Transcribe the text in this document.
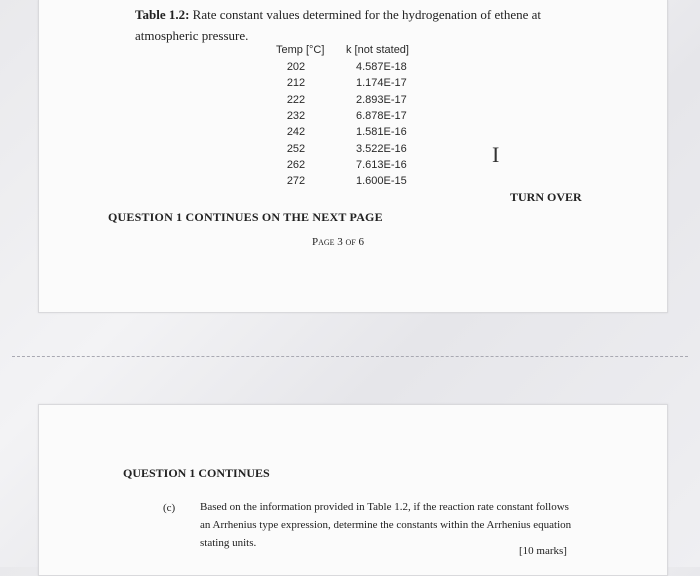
Table 1.2: Rate constant values determined for the hydrogenation of ethene at atmospheric pressure.
Temp [°C] k [not stated]
202	4.587E-18
212	1.174E-17
222	2.893E-17
232	6.878E-17
242	1.581E-16
252	3.522E-16
262	7.613E-16
272	1.600E-15
I
TURN OVER
QUESTION 1 CONTINUES ON THE NEXT PAGE
Page 3 of 6
QUESTION 1 CONTINUES
(c) Based on the information provided in Table 1.2, if the reaction rate constant follows an Arrhenius type expression, determine the constants within the Arrhenius equation stating units.
[10 marks]
